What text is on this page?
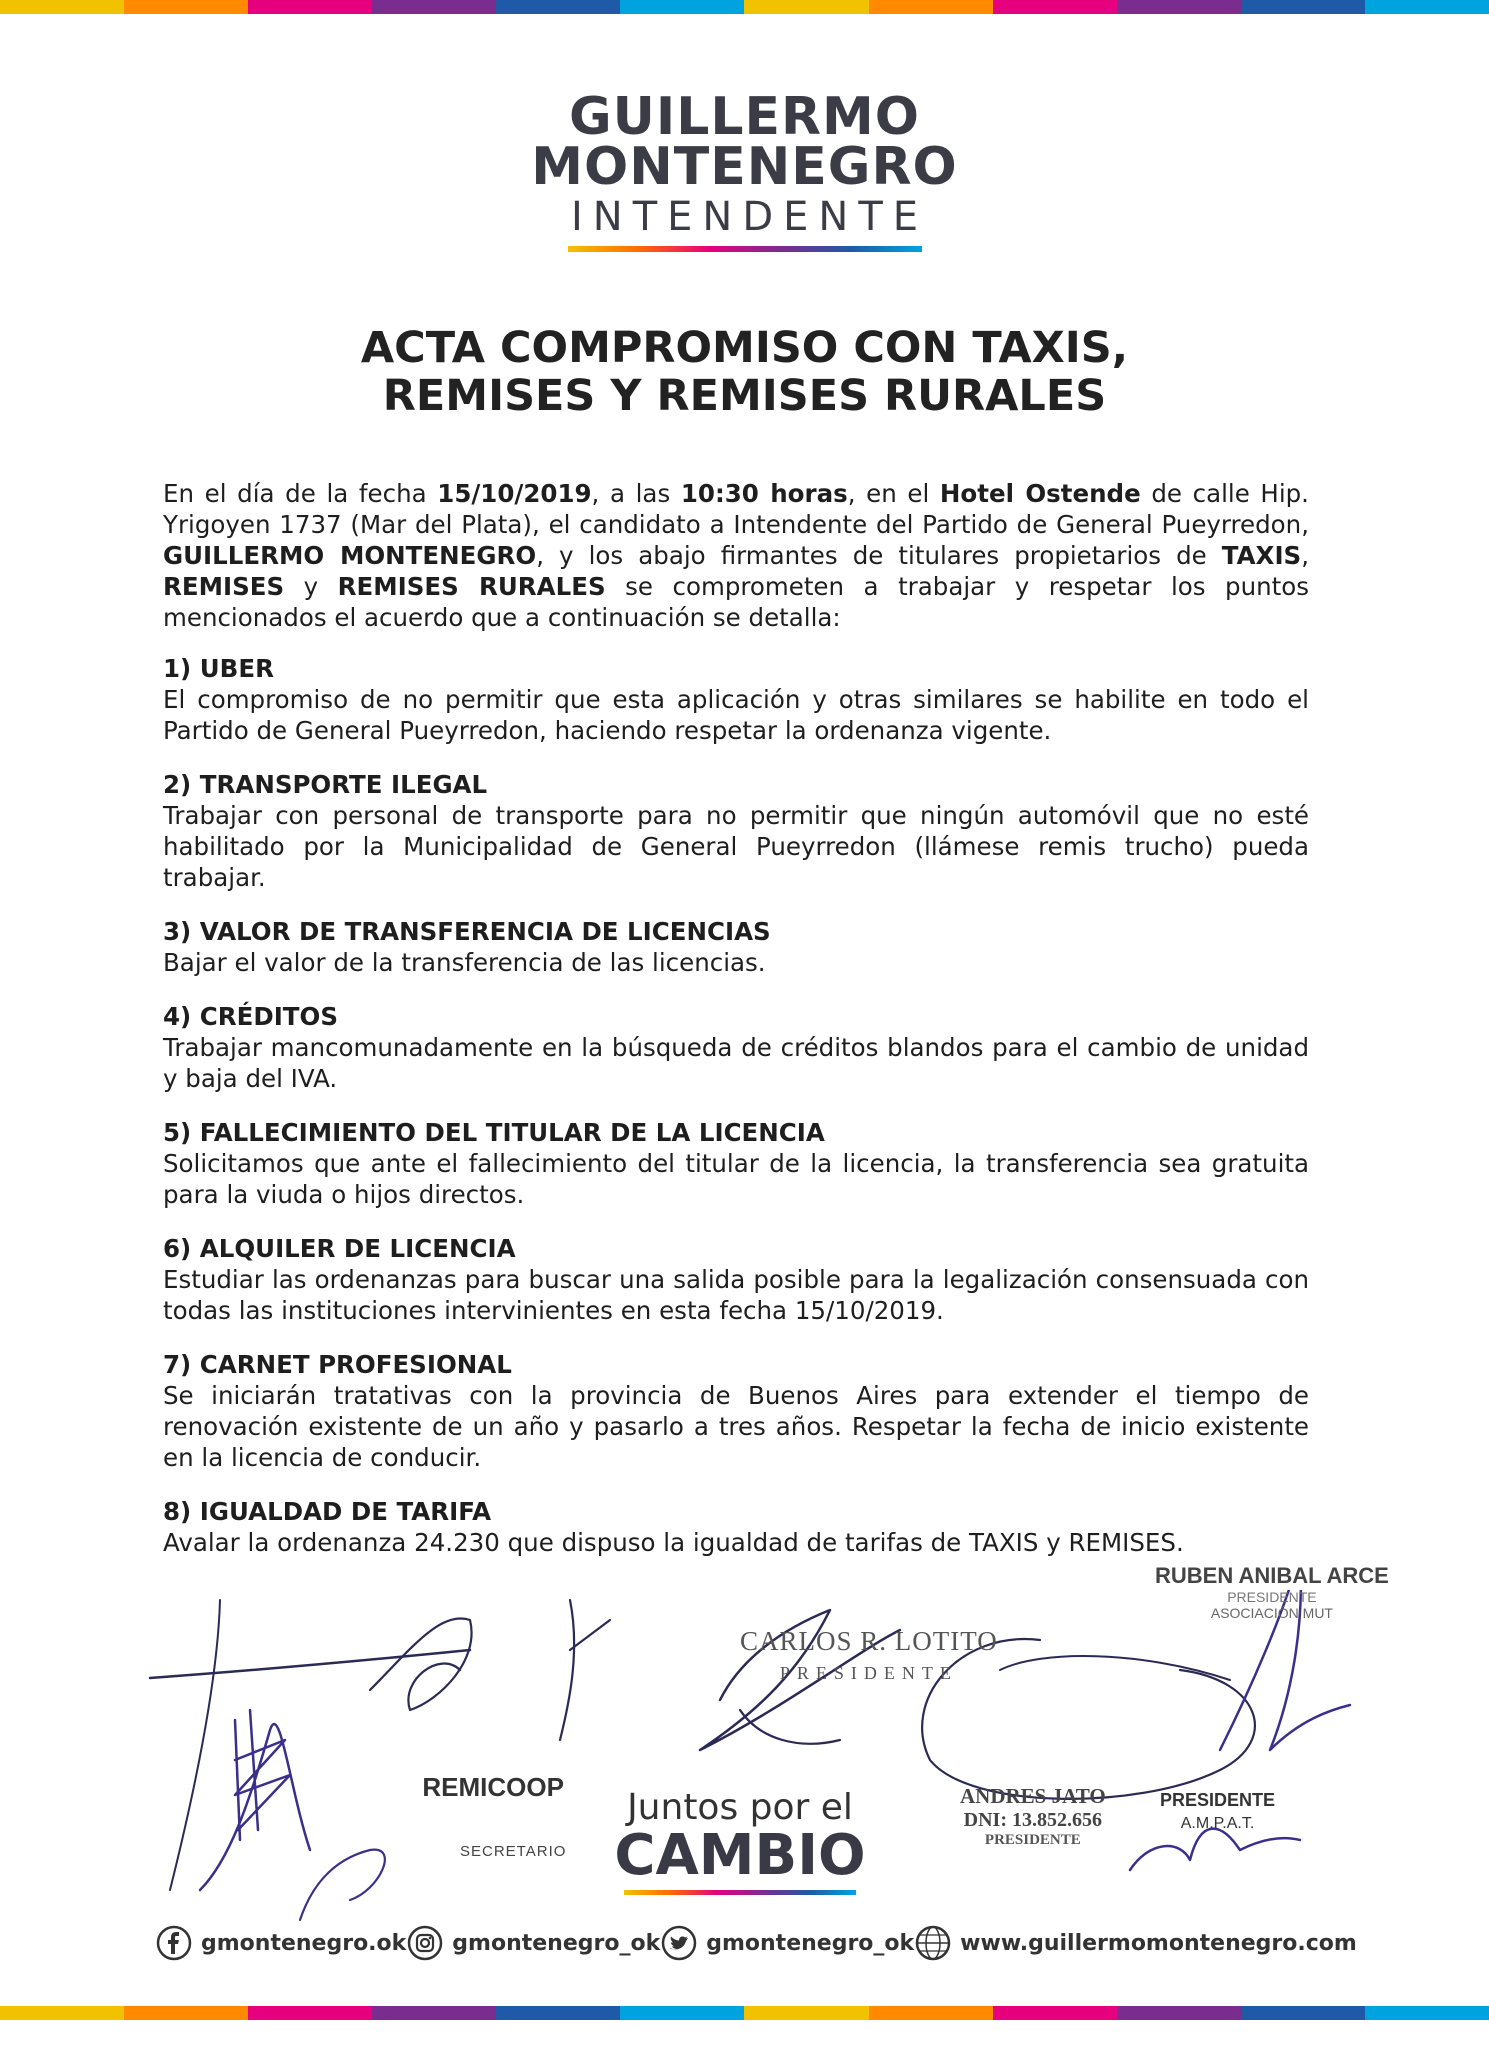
GUILLERMO
MONTENEGRO
INTENDENTE
ACTA COMPROMISO CON TAXIS,
REMISES Y REMISES RURALES

En el día de la fecha 15/10/2019, a las 10:30 horas, en el Hotel Ostende de calle Hip. Yrigoyen 1737 (Mar del Plata), el candidato a Intendente del Partido de General Pueyrredon, GUILLERMO MONTENEGRO, y los abajo firmantes de titulares propietarios de TAXIS, REMISES y REMISES RURALES se comprometen a trabajar y respetar los puntos mencionados el acuerdo que a continuación se detalla:

1) UBER
El compromiso de no permitir que esta aplicación y otras similares se habilite en todo el Partido de General Pueyrredon, haciendo respetar la ordenanza vigente.
2) TRANSPORTE ILEGAL
Trabajar con personal de transporte para no permitir que ningún automóvil que no esté habilitado por la Municipalidad de General Pueyrredon (llámese remis trucho) pueda trabajar.
3) VALOR DE TRANSFERENCIA DE LICENCIAS
Bajar el valor de la transferencia de las licencias.
4) CRÉDITOS
Trabajar mancomunadamente en la búsqueda de créditos blandos para el cambio de unidad y baja del IVA.
5) FALLECIMIENTO DEL TITULAR DE LA LICENCIA
Solicitamos que ante el fallecimiento del titular de la licencia, la transferencia sea gratuita para la viuda o hijos directos.
6) ALQUILER DE LICENCIA
Estudiar las ordenanzas para buscar una salida posible para la legalización consensuada con todas las instituciones intervinientes en esta fecha 15/10/2019.
7) CARNET PROFESIONAL
Se iniciarán tratativas con la provincia de Buenos Aires para extender el tiempo de renovación existente de un año y pasarlo a tres años. Respetar la fecha de inicio existente en la licencia de conducir.
8) IGUALDAD DE TARIFA
Avalar la ordenanza 24.230 que dispuso la igualdad de tarifas de TAXIS y REMISES.
CARLOS R. LOTITO
PRESIDENTE
RUBEN ANIBAL ARCE
PRESIDENTE
ASOCIACIÓN MUT
REMICOOP
SECRETARIO
Juntos por el
CAMBIO
ANDRES JATO
DNI: 13.852.656
PRESIDENTE
PRESIDENTE
A.M.P.A.T.
gmontenegro.ok gmontenegro_ok gmontenegro_ok www.guillermomontenegro.com
